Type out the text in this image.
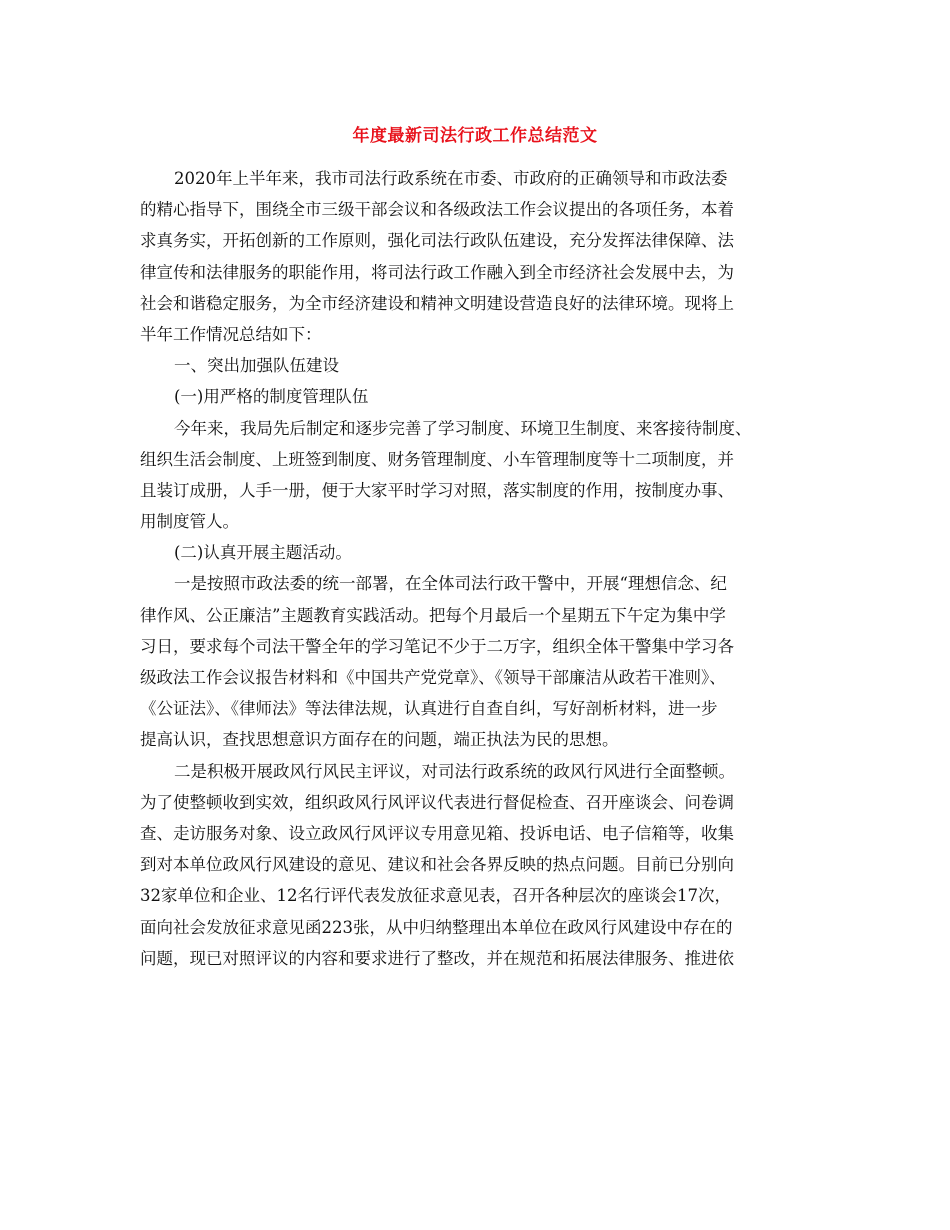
年度最新司法行政工作总结范文
2020年上半年来，我市司法行政系统在市委、市政府的正确领导和市政法委
的精心指导下，围绕全市三级干部会议和各级政法工作会议提出的各项任务，本着
求真务实，开拓创新的工作原则，强化司法行政队伍建设，充分发挥法律保障、法
律宣传和法律服务的职能作用，将司法行政工作融入到全市经济社会发展中去，为
社会和谐稳定服务，为全市经济建设和精神文明建设营造良好的法律环境。现将上
半年工作情况总结如下：
一、突出加强队伍建设
(一)用严格的制度管理队伍
今年来，我局先后制定和逐步完善了学习制度、环境卫生制度、来客接待制度、
组织生活会制度、上班签到制度、财务管理制度、小车管理制度等十二项制度，并
且装订成册，人手一册，便于大家平时学习对照，落实制度的作用，按制度办事、
用制度管人。
(二)认真开展主题活动。
一是按照市政法委的统一部署，在全体司法行政干警中，开展“理想信念、纪
律作风、公正廉洁”主题教育实践活动。把每个月最后一个星期五下午定为集中学
习日，要求每个司法干警全年的学习笔记不少于二万字，组织全体干警集中学习各
级政法工作会议报告材料和《中国共产党党章》、《领导干部廉洁从政若干准则》、
《公证法》、《律师法》等法律法规，认真进行自查自纠，写好剖析材料，进一步
提高认识，查找思想意识方面存在的问题，端正执法为民的思想。
二是积极开展政风行风民主评议，对司法行政系统的政风行风进行全面整顿。
为了使整顿收到实效，组织政风行风评议代表进行督促检查、召开座谈会、问卷调
查、走访服务对象、设立政风行风评议专用意见箱、投诉电话、电子信箱等，收集
到对本单位政风行风建设的意见、建议和社会各界反映的热点问题。目前已分别向
32家单位和企业、12名行评代表发放征求意见表，召开各种层次的座谈会17次，
面向社会发放征求意见函223张，从中归纳整理出本单位在政风行风建设中存在的
问题，现已对照评议的内容和要求进行了整改，并在规范和拓展法律服务、推进依
